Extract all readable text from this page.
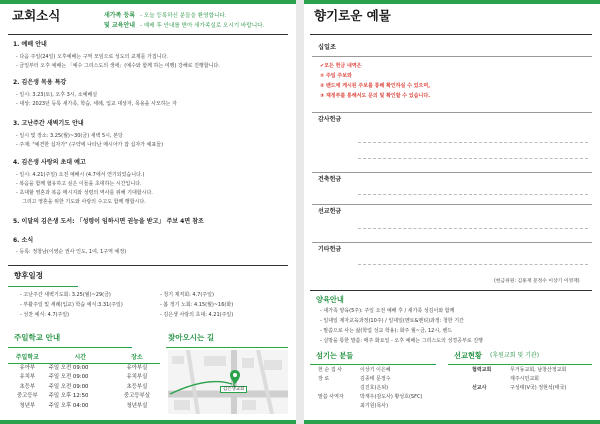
교회소식	새가족 등록
및 교육안내
- 오늘 등록하신 분들을 환영합니다.
- 예배 후 안내를 받아 새가족실로 오시기 바랍니다.
1. 예배 안내
- 다음 주일(24일) 오후예배는 구역 모임으로 성도의 교제를 가집니다.
- 금일부터 오후 예배는 「예수 그리스도의 생애」(예수와 함께 하는 여행) 강해로 진행합니다.
2. 김은생 목용 특강
- 일시: 3.23(토), 오후 3시, 소예배실
- 대상: 2023년 등록 새가족, 학습, 세례, 입교 대상자, 목용을 사모하는 자
3. 고난주간 새벽기도 안내
- 일시 및 장소: 3.25(월)~30(금) 새벽 5시, 본당
- 주제: "예견한 십자가" (구약에 나타난 메시아가 잡 십자가 예표들)
4. 김은생 사랑의 초대 예고
- 일시: 4.21(주일) 오전 예배시 (4.7에서 연기되었습니다.)
- 복음을 함께 협유하고 싶은 이들을 초대하는 시간입니다.
- 초대할 영혼과 복음 메시지와 성령의 역사를 위해 기대합시다.
그리고 영혼을 위한 기도와 사랑의 수고도 함께 행합시다.
5. 이달의 김은생 도서: 「성령이 임하시면 권능을 받고」 주보 4면 참조
6. 소식
- 등록: 정창남(이영순 권사 인도, 1여, 1구역 예정)
향후일정
- 고난주간 새벽기도회: 3.25(월)~29(금)
- 부활주일 및 세례(입교) 학습 예식:3.31(주일)
- 성찬 예식: 4.7(주일)
- 청기 제직회: 4.7(주일)
- 봄 정기 노회: 4.15(월)~16(화)
- 김은생 사랑의 초대: 4.21(주일)
주일학교 안내
주일학교	시간	장소
유아부	주일 오전 09:00	유아부실
유치부	주일 오전 09:00	유치부실
초등부	주일 오전 09:00	초등부실
중고등부	주일 오후 12:50	중고등부실
청년부	주일 오후 04:00	청년부실
찾아오시는 길
김은생교회
향기로운 예물
십일조
✔모든 헌금 내역은
① 주일 주보와
② 밴드에 게시된 주보를 통해 확인하실 수 있으며,
③ 재정부를 통해서도 문의 및 확인할 수 있습니다.
감사헌금
건축헌금
선교헌금
기타헌금
(헌금위원: 김홍재 문정수 이상기 이영재)
양육안내
- 새가족 양육(5주): 주일 오전 예배 후 / 새가족 성김이와 함께
- 일대일 제자교육과정(10주) / 일대일(멘토&멘티)과정: 청한 기간
- 말씀으로 사는 삶(학업 성교 학용): 화주 월~금, 12시, 밴드
- 실방을 통한 말씀: 매주 화요일 - 오후 예배는 그리스도의 성경공부로 진행
섬기는 분들
헌 순 집 사	이상기 이은혜
장 로	김종태 문정수
김진호(은퇴)
말씀 사역자	박재우(감도사) 황성호(SFC)
최기원(목사)
선교현황 (후원교회 및 기관)
협력교회	무거동교회, 남창산정교회
제주시민교회
선교사	구성태(V국) 정현석(태국)
